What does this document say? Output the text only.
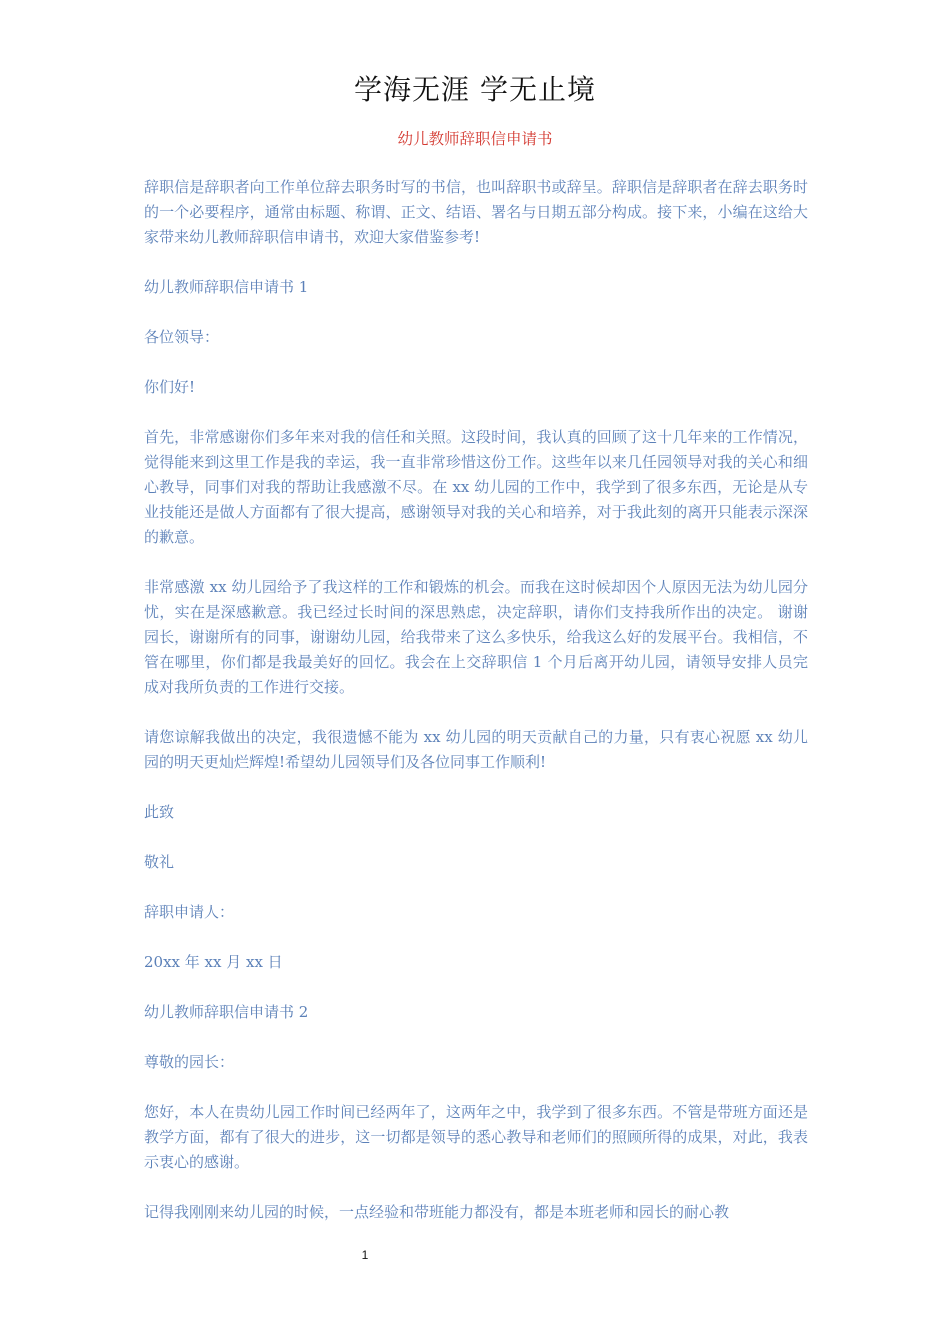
学海无涯 学无止境
幼儿教师辞职信申请书

辞职信是辞职者向工作单位辞去职务时写的书信，也叫辞职书或辞呈。辞职信是辞职者在辞去职务时的一个必要程序，通常由标题、称谓、正文、结语、署名与日期五部分构成。接下来，小编在这给大家带来幼儿教师辞职信申请书，欢迎大家借鉴参考!

幼儿教师辞职信申请书 1

各位领导：

你们好!

首先，非常感谢你们多年来对我的信任和关照。这段时间，我认真的回顾了这十几年来的工作情况，觉得能来到这里工作是我的幸运，我一直非常珍惜这份工作。这些年以来几任园领导对我的关心和细心教导，同事们对我的帮助让我感激不尽。在 xx 幼儿园的工作中，我学到了很多东西，无论是从专业技能还是做人方面都有了很大提高，感谢领导对我的关心和培养，对于我此刻的离开只能表示深深的歉意。

非常感激 xx 幼儿园给予了我这样的工作和锻炼的机会。而我在这时候却因个人原因无法为幼儿园分忧，实在是深感歉意。我已经过长时间的深思熟虑，决定辞职，请你们支持我所作出的决定。 谢谢园长，谢谢所有的同事，谢谢幼儿园，给我带来了这么多快乐，给我这么好的发展平台。我相信，不管在哪里，你们都是我最美好的回忆。我会在上交辞职信 1 个月后离开幼儿园，请领导安排人员完成对我所负责的工作进行交接。

请您谅解我做出的决定，我很遗憾不能为 xx 幼儿园的明天贡献自己的力量，只有衷心祝愿 xx 幼儿园的明天更灿烂辉煌!希望幼儿园领导们及各位同事工作顺利!

此致

敬礼

辞职申请人：

20xx 年 xx 月 xx 日

幼儿教师辞职信申请书 2

尊敬的园长：

您好，本人在贵幼儿园工作时间已经两年了，这两年之中，我学到了很多东西。不管是带班方面还是教学方面，都有了很大的进步，这一切都是领导的悉心教导和老师们的照顾所得的成果，对此，我表示衷心的感谢。

记得我刚刚来幼儿园的时候，一点经验和带班能力都没有，都是本班老师和园长的耐心教

1
